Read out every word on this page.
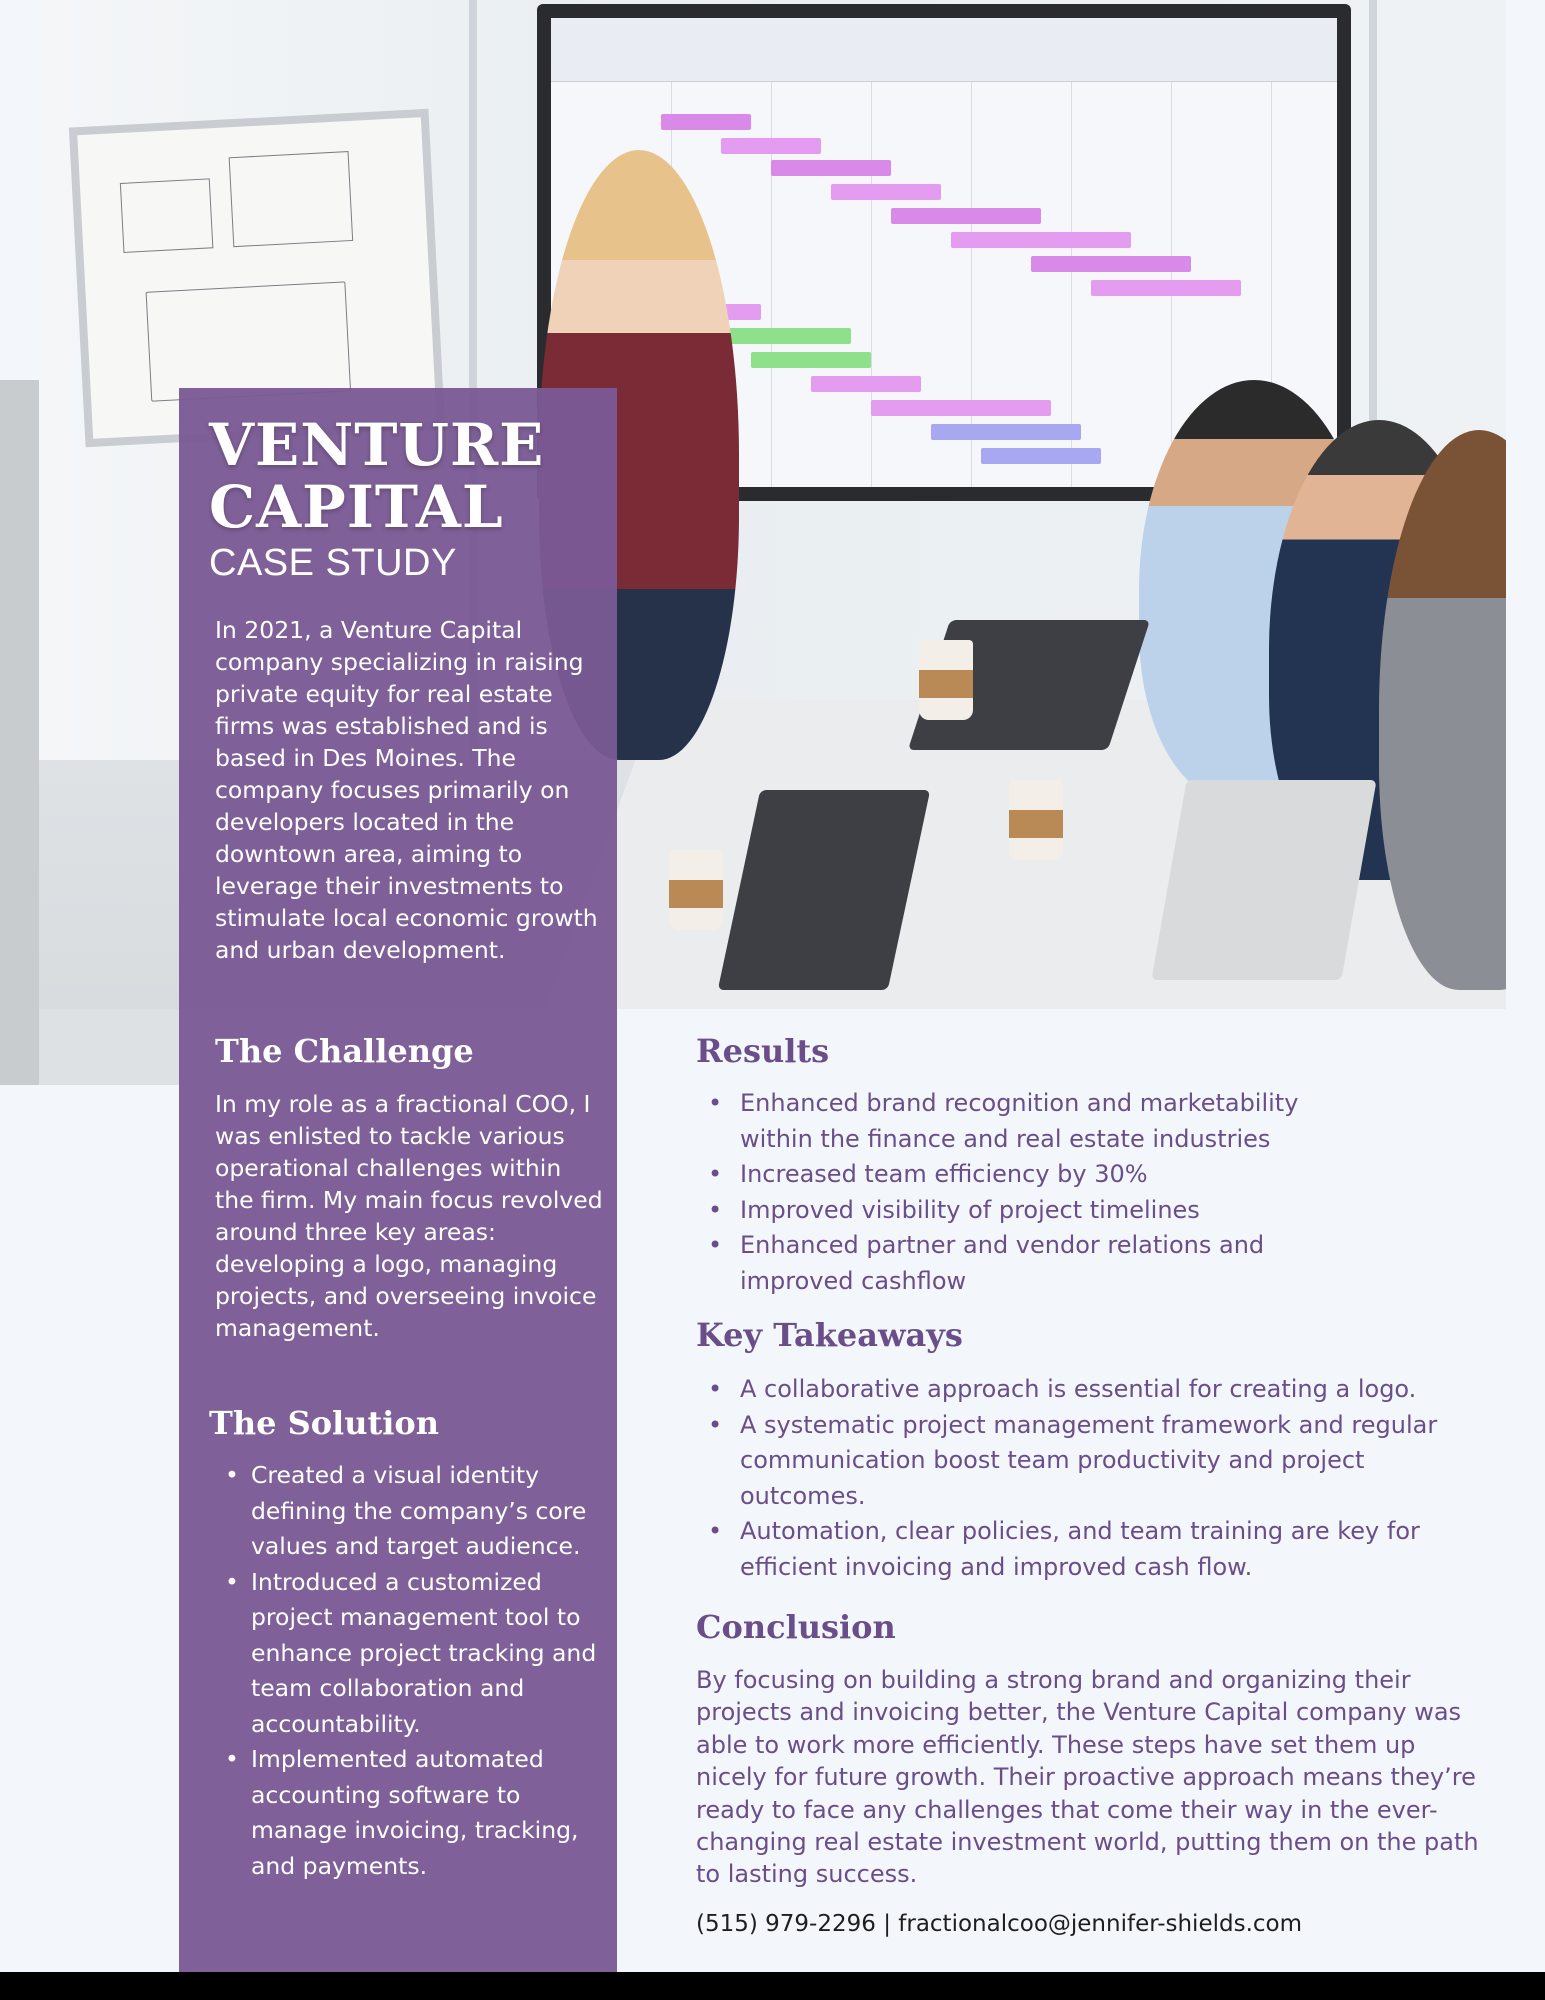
VENTURE
CAPITAL
CASE STUDY

In 2021, a Venture Capital company specializing in raising private equity for real estate firms was established and is based in Des Moines. The company focuses primarily on developers located in the downtown area, aiming to leverage their investments to stimulate local economic growth and urban development.

The Challenge

In my role as a fractional COO, I was enlisted to tackle various operational challenges within the firm. My main focus revolved around three key areas: developing a logo, managing projects, and overseeing invoice management.

The Solution
• Created a visual identity defining the company’s core values and target audience.
• Introduced a customized project management tool to enhance project tracking and team collaboration and accountability.
• Implemented automated accounting software to manage invoicing, tracking, and payments.
Results
• Enhanced brand recognition and marketability within the finance and real estate industries
• Increased team efficiency by 30%
• Improved visibility of project timelines
• Enhanced partner and vendor relations and improved cashflow
Key Takeaways
• A collaborative approach is essential for creating a logo.
• A systematic project management framework and regular communication boost team productivity and project outcomes.
• Automation, clear policies, and team training are key for efficient invoicing and improved cash flow.
Conclusion

By focusing on building a strong brand and organizing their projects and invoicing better, the Venture Capital company was able to work more efficiently. These steps have set them up nicely for future growth. Their proactive approach means they’re ready to face any challenges that come their way in the ever-changing real estate investment world, putting them on the path to lasting success.

(515) 979-2296 | fractionalcoo@jennifer-shields.com
